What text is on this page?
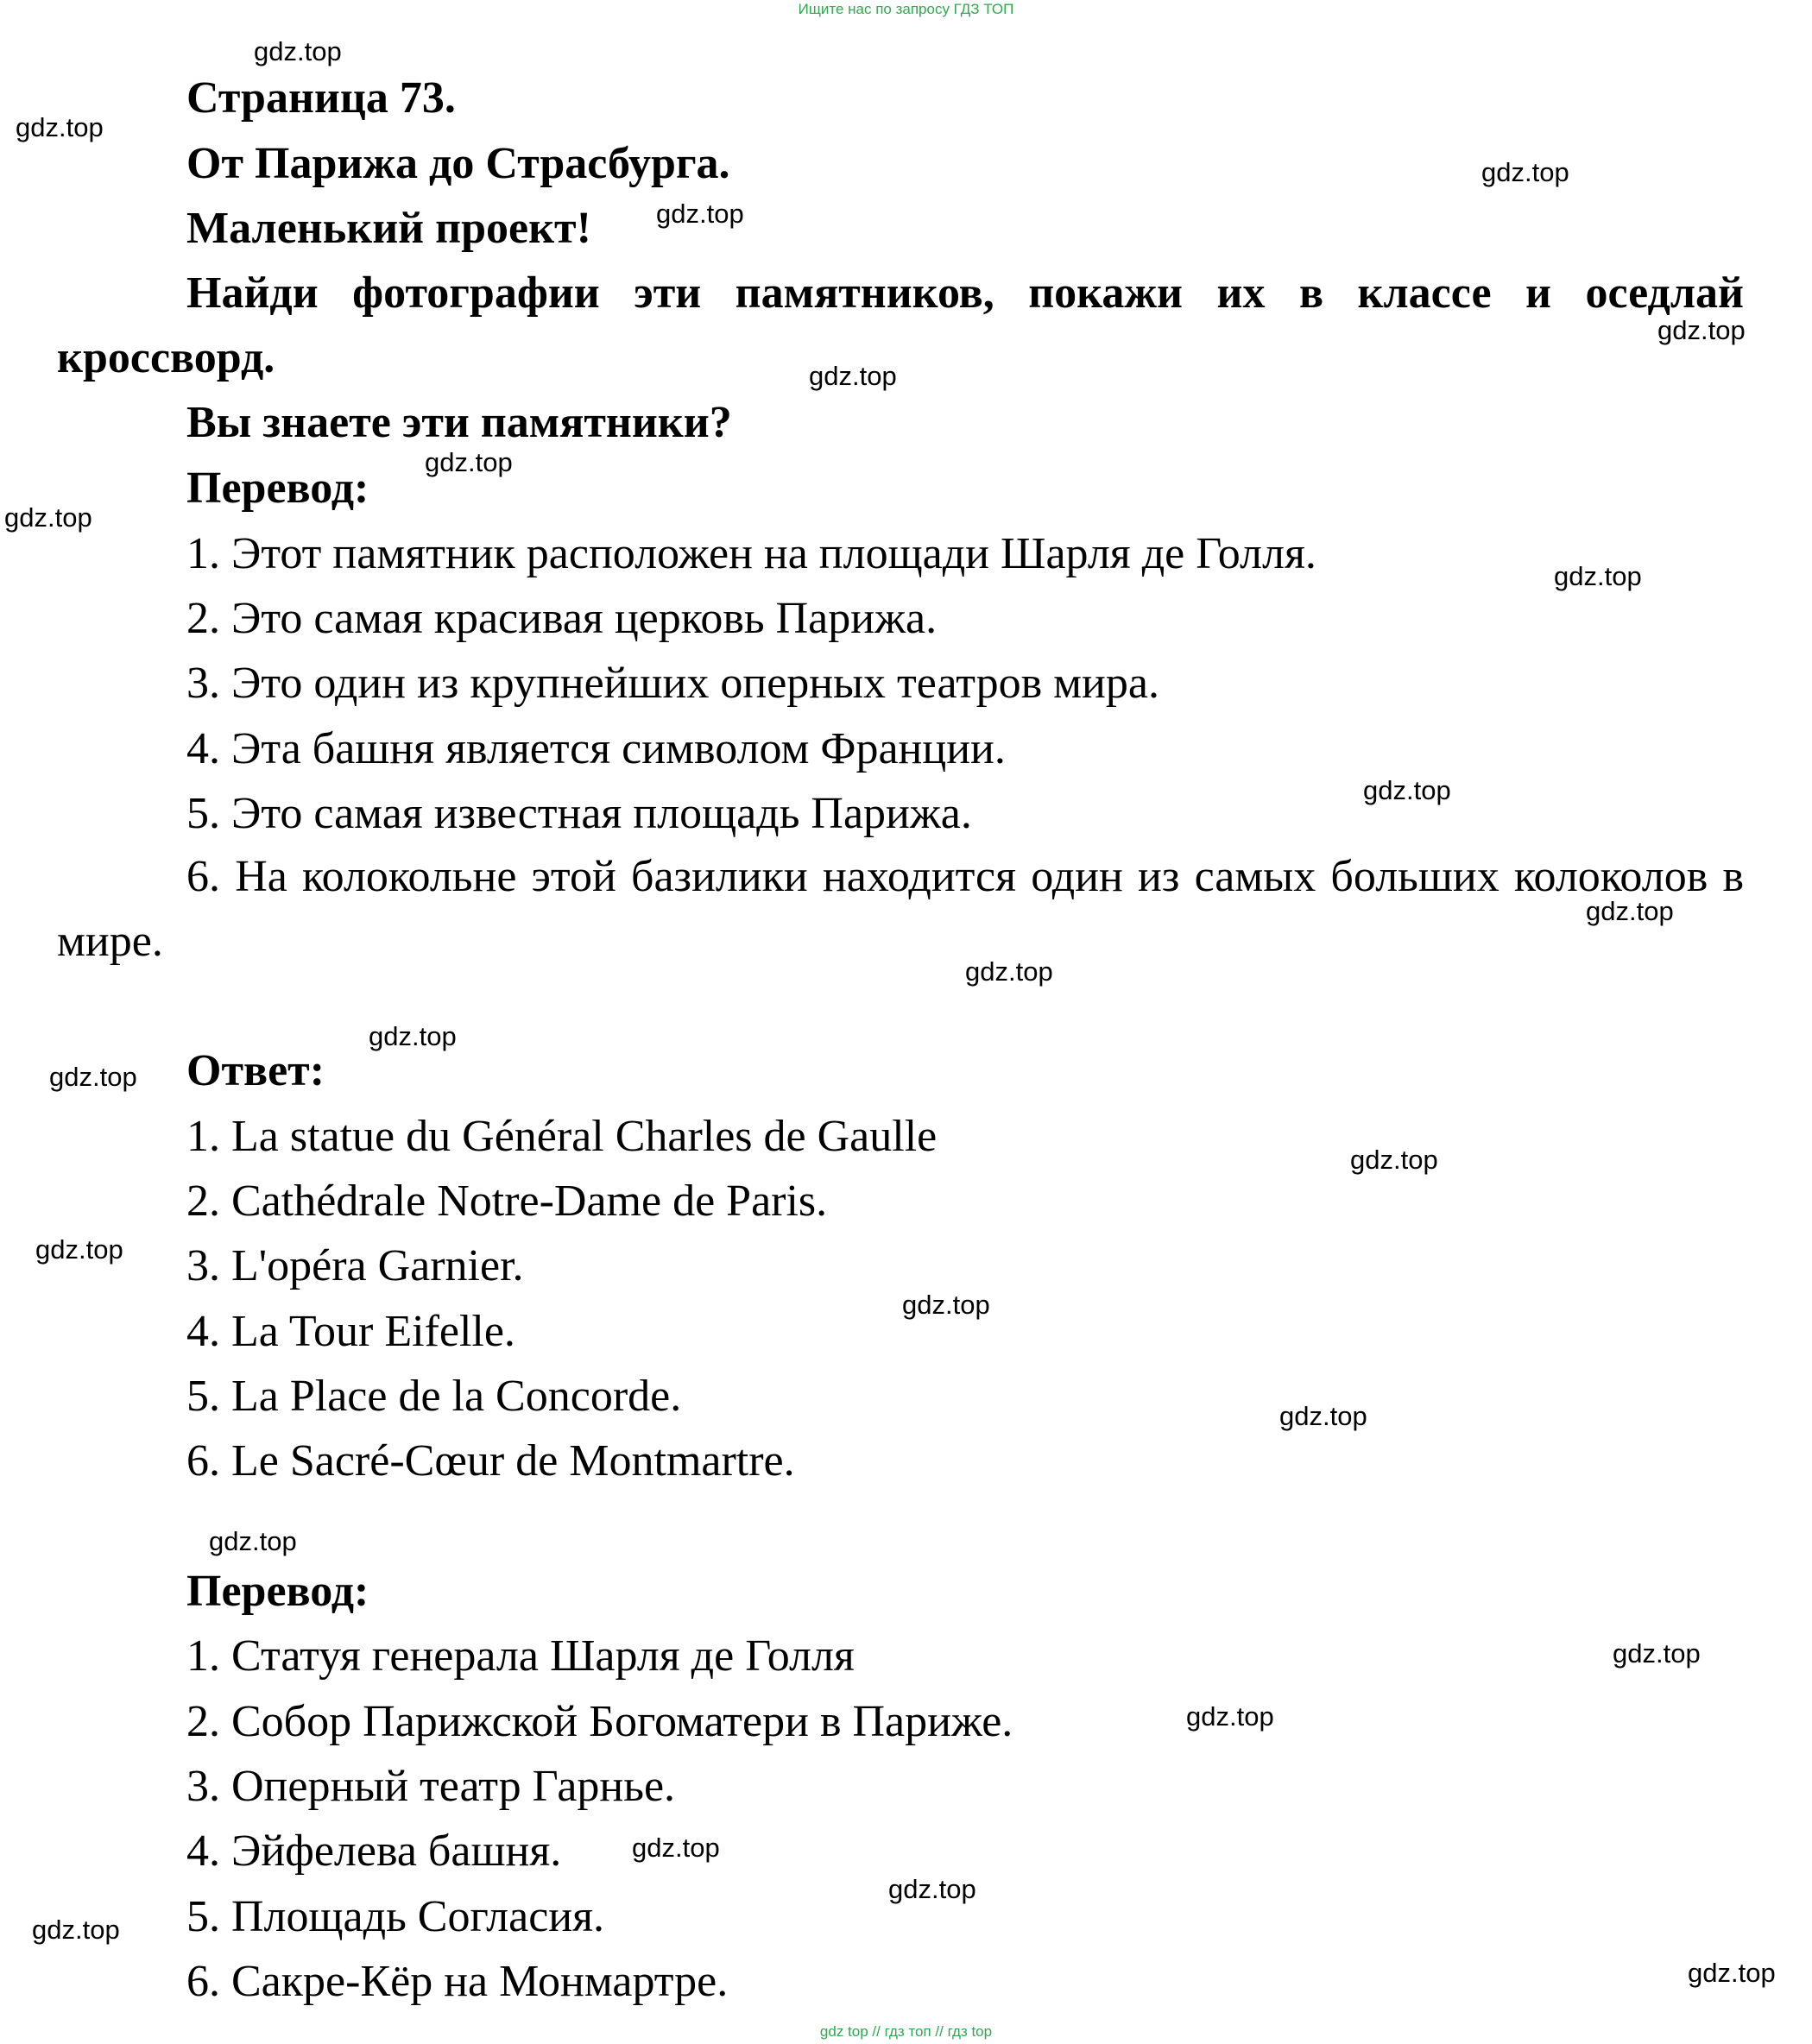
Ищите нас по запросу ГДЗ ТОП
Страница 73.
От Парижа до Страсбурга.
Маленький проект!
Найди фотографии эти памятников, покажи их в классе и оседлай кроссворд.
Вы знаете эти памятники?
Перевод:
1. Этот памятник расположен на площади Шарля де Голля.
2. Это самая красивая церковь Парижа.
3. Это один из крупнейших оперных театров мира.
4. Эта башня является символом Франции.
5. Это самая известная площадь Парижа.
6. На колокольне этой базилики находится один из самых больших колоколов в мире.
Ответ:
1. La statue du Général Charles de Gaulle
2. Cathédrale Notre-Dame de Paris.
3. L'opéra Garnier.
4. La Tour Eifelle.
5. La Place de la Concorde.
6. Le Sacré-Cœur de Montmartre.
Перевод:
1. Статуя генерала Шарля де Голля
2. Собор Парижской Богоматери в Париже.
3. Оперный театр Гарнье.
4. Эйфелева башня.
5. Площадь Согласия.
6. Сакре-Кёр на Монмартре.
gdz.top
gdz.top
gdz.top
gdz.top
gdz.top
gdz.top
gdz.top
gdz.top
gdz.top
gdz.top
gdz.top
gdz.top
gdz.top
gdz.top
gdz.top
gdz.top
gdz.top
gdz.top
gdz.top
gdz.top
gdz.top
gdz.top
gdz.top
gdz.top
gdz.top
gdz top // гдз топ // гдз top
